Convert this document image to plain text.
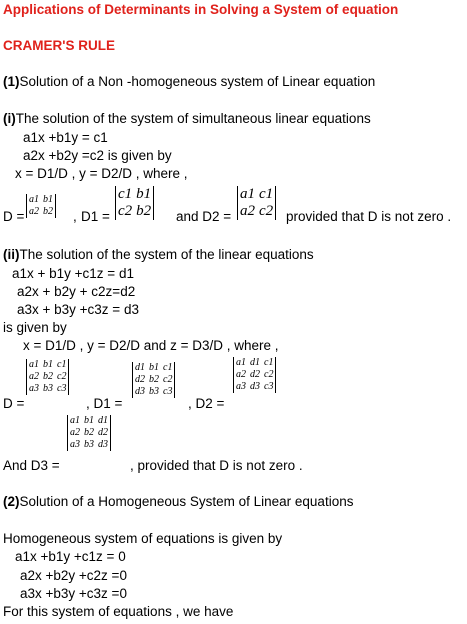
Applications of Determinants in Solving a System of equation
CRAMER'S RULE
(1)Solution of a Non -homogeneous system of Linear equation
(i)The solution of the system of simultaneous linear equations
a1x +b1y = c1
a2x +b2y =c2 is given by
x = D1/D , y = D2/D , where ,
D =
a1	b1
a2	b2 , D1 =
c1	b1
c2	b2 and D2 =
a1	c1
a2	c2 provided that D is not zero .
(ii)The solution of the system of the linear equations
a1x + b1y +c1z = d1
a2x + b2y + c2z=d2
a3x + b3y +c3z = d3
is given by
x = D1/D , y = D2/D and z = D3/D , where ,
D =
a1	b1	c1
a2	b2	c2
a3	b3	c3
, D1 =
d1	b1	c1
d2	b2	c2
d3	b3	c3
, D2 =
a1	d1	c1
a2	d2	c2
a3	d3	c3
And D3 =
a1	b1	d1
a2	b2	d2
a3	b3	d3
, provided that D is not zero .
(2)Solution of a Homogeneous System of Linear equations
Homogeneous system of equations is given by
a1x +b1y +c1z = 0
a2x +b2y +c2z =0
a3x +b3y +c3z =0
For this system of equations , we have
